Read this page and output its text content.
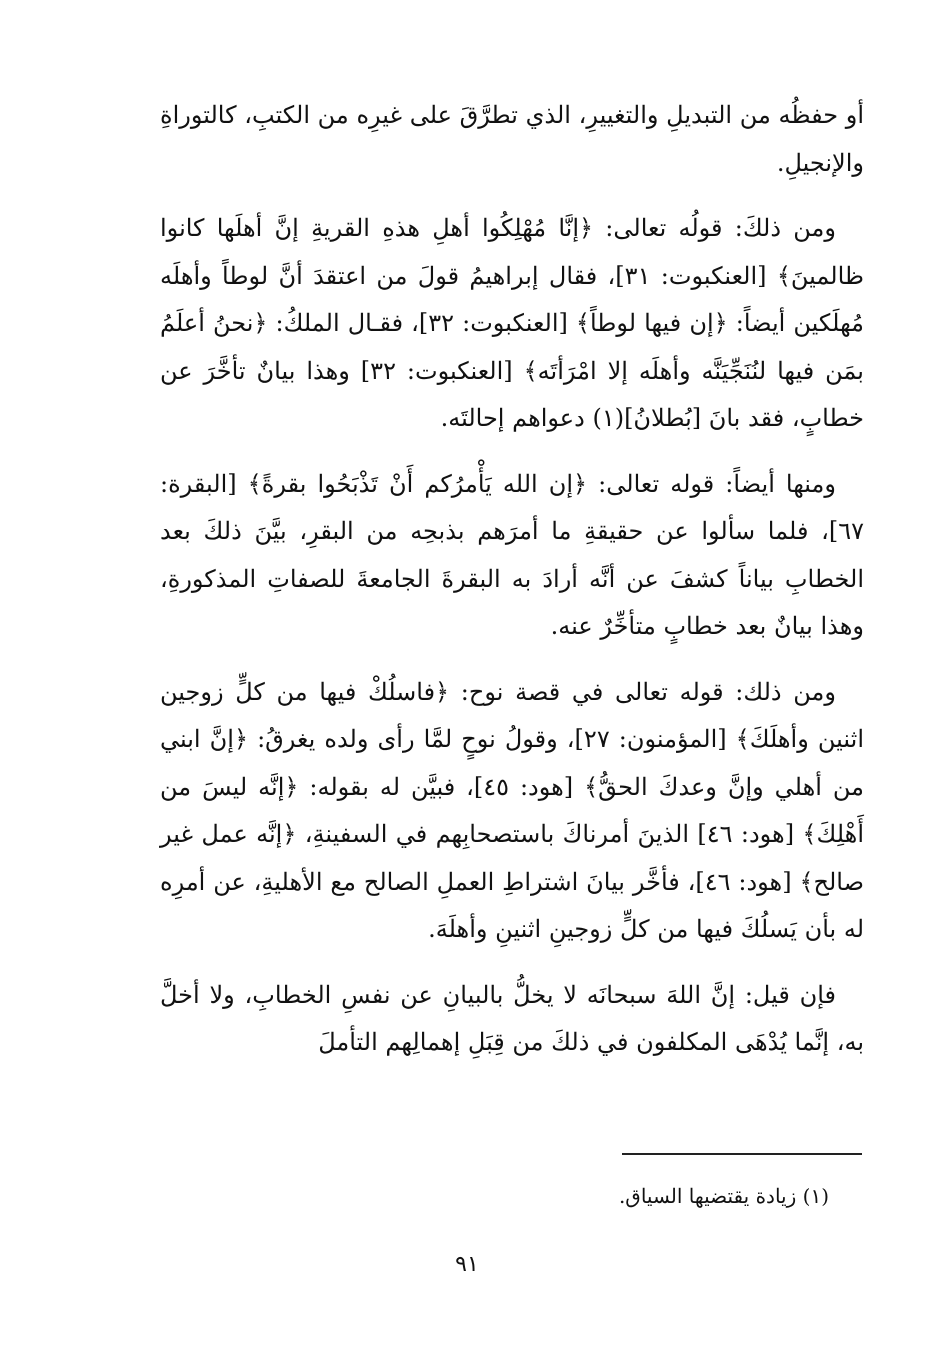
أو حفظُه من التبديلِ والتغييرِ، الذي تطرَّقَ على غيرِه من الكتبِ، كالتوراةِ والإنجيلِ.

ومن ذلكَ: قولُه تعالى: ﴿إنَّا مُهْلِكُوا أهلِ هذهِ القريةِ إنَّ أهلَها كانوا ظالمينَ﴾ [العنكبوت: ٣١]، فقال إبراهيمُ قولَ من اعتقدَ أنَّ لوطاً وأهلَه مُهلَكين أيضاً: ﴿إن فيها لوطاً﴾ [العنكبوت: ٣٢]، فقـال الملكُ: ﴿نحنُ أعلَمُ بمَن فيها لنُنَجِّيَنَّه وأهلَه إلا امْرَأتَه﴾ [العنكبوت: ٣٢] وهذا بيانٌ تأخَّرَ عن خطابٍ، فقد بانَ [بُطلانُ](١) دعواهم إحالتَه.

ومنها أيضاً: قوله تعالى: ﴿إن الله يَأْمرُكم أَنْ تَذْبَحُوا بقرةً﴾ [البقرة: ٦٧]، فلما سألوا عن حقيقةِ ما أمرَهم بذبحِه من البقرِ، بيَّنَ ذلكَ بعد الخطابِ بياناً كشفَ عن أنَّه أرادَ به البقرةَ الجامعةَ للصفاتِ المذكورةِ، وهذا بيانٌ بعد خطابٍ متأخِّرٌ عنه.

ومن ذلك: قوله تعالى في قصة نوح: ﴿فاسلُكْ فيها من كلٍّ زوجين اثنين وأهلَكَ﴾ [المؤمنون: ٢٧]، وقولُ نوحٍ لمَّا رأى ولده يغرقُ: ﴿إنَّ ابني من أهلي وإنَّ وعدكَ الحقُّ﴾ [هود: ٤٥]، فبيَّن له بقوله: ﴿إنَّه ليسَ من أَهْلِكَ﴾ [هود: ٤٦] الذينَ أمرناكَ باستصحابِهم في السفينةِ، ﴿إنَّه عمل غير صالح﴾ [هود: ٤٦]، فأخَّر بيانَ اشتراطِ العملِ الصالح مع الأهليةِ، عن أمرِه له بأن يَسلُكَ فيها من كلٍّ زوجينِ اثنينِ وأهلَهَ.

فإن قيل: إنَّ اللهَ سبحانَه لا يخلُّ بالبيانِ عن نفسِ الخطابِ، ولا أخلَّ به، إنَّما يُدْهَى المكلفون في ذلكَ من قِبَلِ إهمالِهم التأملَ

(١) زيادة يقتضيها السياق.
٩١
